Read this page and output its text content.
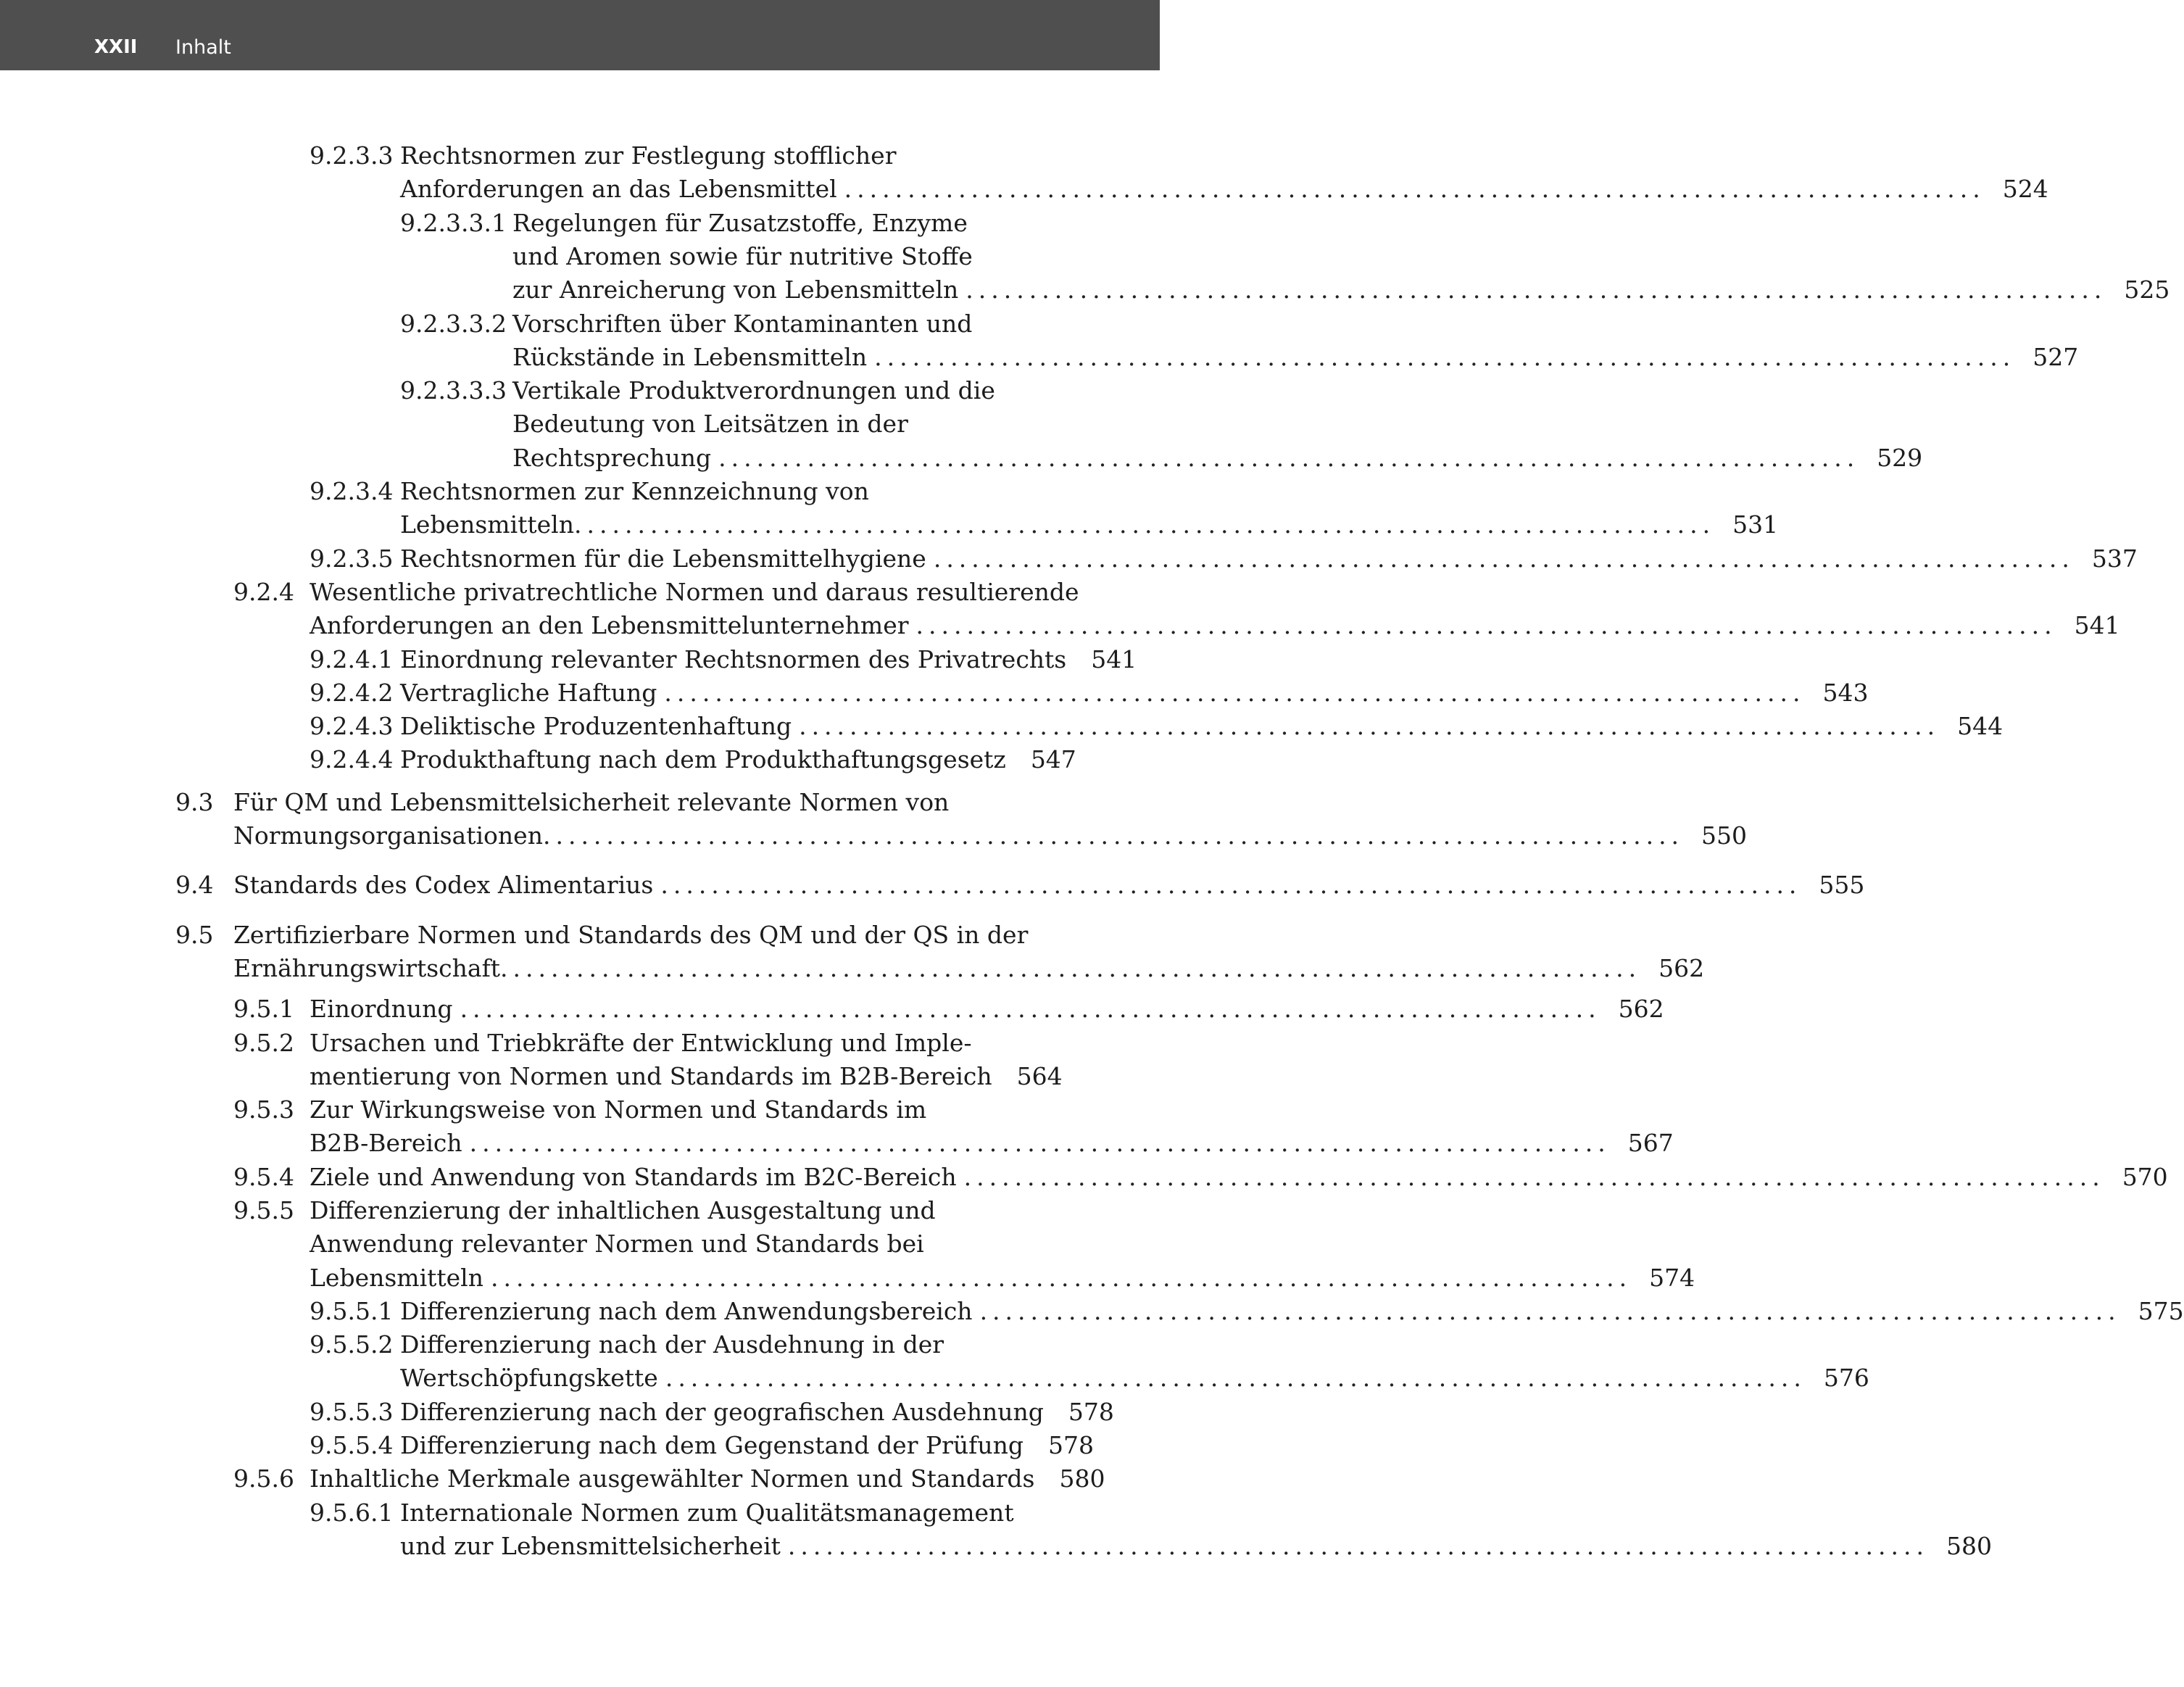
XXII Inhalt
9.2.3.3 Rechtsnormen zur Festlegung stofflicher
Anforderungen an das Lebensmittel .......................................................................................... 524
9.2.3.3.1 Regelungen für Zusatzstoffe, Enzyme
und Aromen sowie für nutritive Stoffe
zur Anreicherung von Lebensmitteln .......................................................................................... 525
9.2.3.3.2 Vorschriften über Kontaminanten und
Rückstände in Lebensmitteln .......................................................................................... 527
9.2.3.3.3 Vertikale Produktverordnungen und die
Bedeutung von Leitsätzen in der
Rechtsprechung .......................................................................................... 529
9.2.3.4 Rechtsnormen zur Kennzeichnung von
Lebensmitteln .......................................................................................... 531
9.2.3.5 Rechtsnormen für die Lebensmittelhygiene .......................................................................................... 537
9.2.4 Wesentliche privatrechtliche Normen und daraus resultierende
Anforderungen an den Lebensmittelunternehmer .......................................................................................... 541
9.2.4.1 Einordnung relevanter Rechtsnormen des Privatrechts 541
9.2.4.2 Vertragliche Haftung .......................................................................................... 543
9.2.4.3 Deliktische Produzentenhaftung .......................................................................................... 544
9.2.4.4 Produkthaftung nach dem Produkthaftungsgesetz 547
9.3 Für QM und Lebensmittelsicherheit relevante Normen von
Normungsorganisationen .......................................................................................... 550
9.4 Standards des Codex Alimentarius .......................................................................................... 555
9.5 Zertifizierbare Normen und Standards des QM und der QS in der
Ernährungswirtschaft .......................................................................................... 562
9.5.1 Einordnung .......................................................................................... 562
9.5.2 Ursachen und Triebkräfte der Entwicklung und Imple-
mentierung von Normen und Standards im B2B-Bereich 564
9.5.3 Zur Wirkungsweise von Normen und Standards im
B2B-Bereich .......................................................................................... 567
9.5.4 Ziele und Anwendung von Standards im B2C-Bereich .......................................................................................... 570
9.5.5 Differenzierung der inhaltlichen Ausgestaltung und
Anwendung relevanter Normen und Standards bei
Lebensmitteln .......................................................................................... 574
9.5.5.1 Differenzierung nach dem Anwendungsbereich .......................................................................................... 575
9.5.5.2 Differenzierung nach der Ausdehnung in der
Wertschöpfungskette .......................................................................................... 576
9.5.5.3 Differenzierung nach der geografischen Ausdehnung 578
9.5.5.4 Differenzierung nach dem Gegenstand der Prüfung 578
9.5.6 Inhaltliche Merkmale ausgewählter Normen und Standards 580
9.5.6.1 Internationale Normen zum Qualitätsmanagement
und zur Lebensmittelsicherheit .......................................................................................... 580
